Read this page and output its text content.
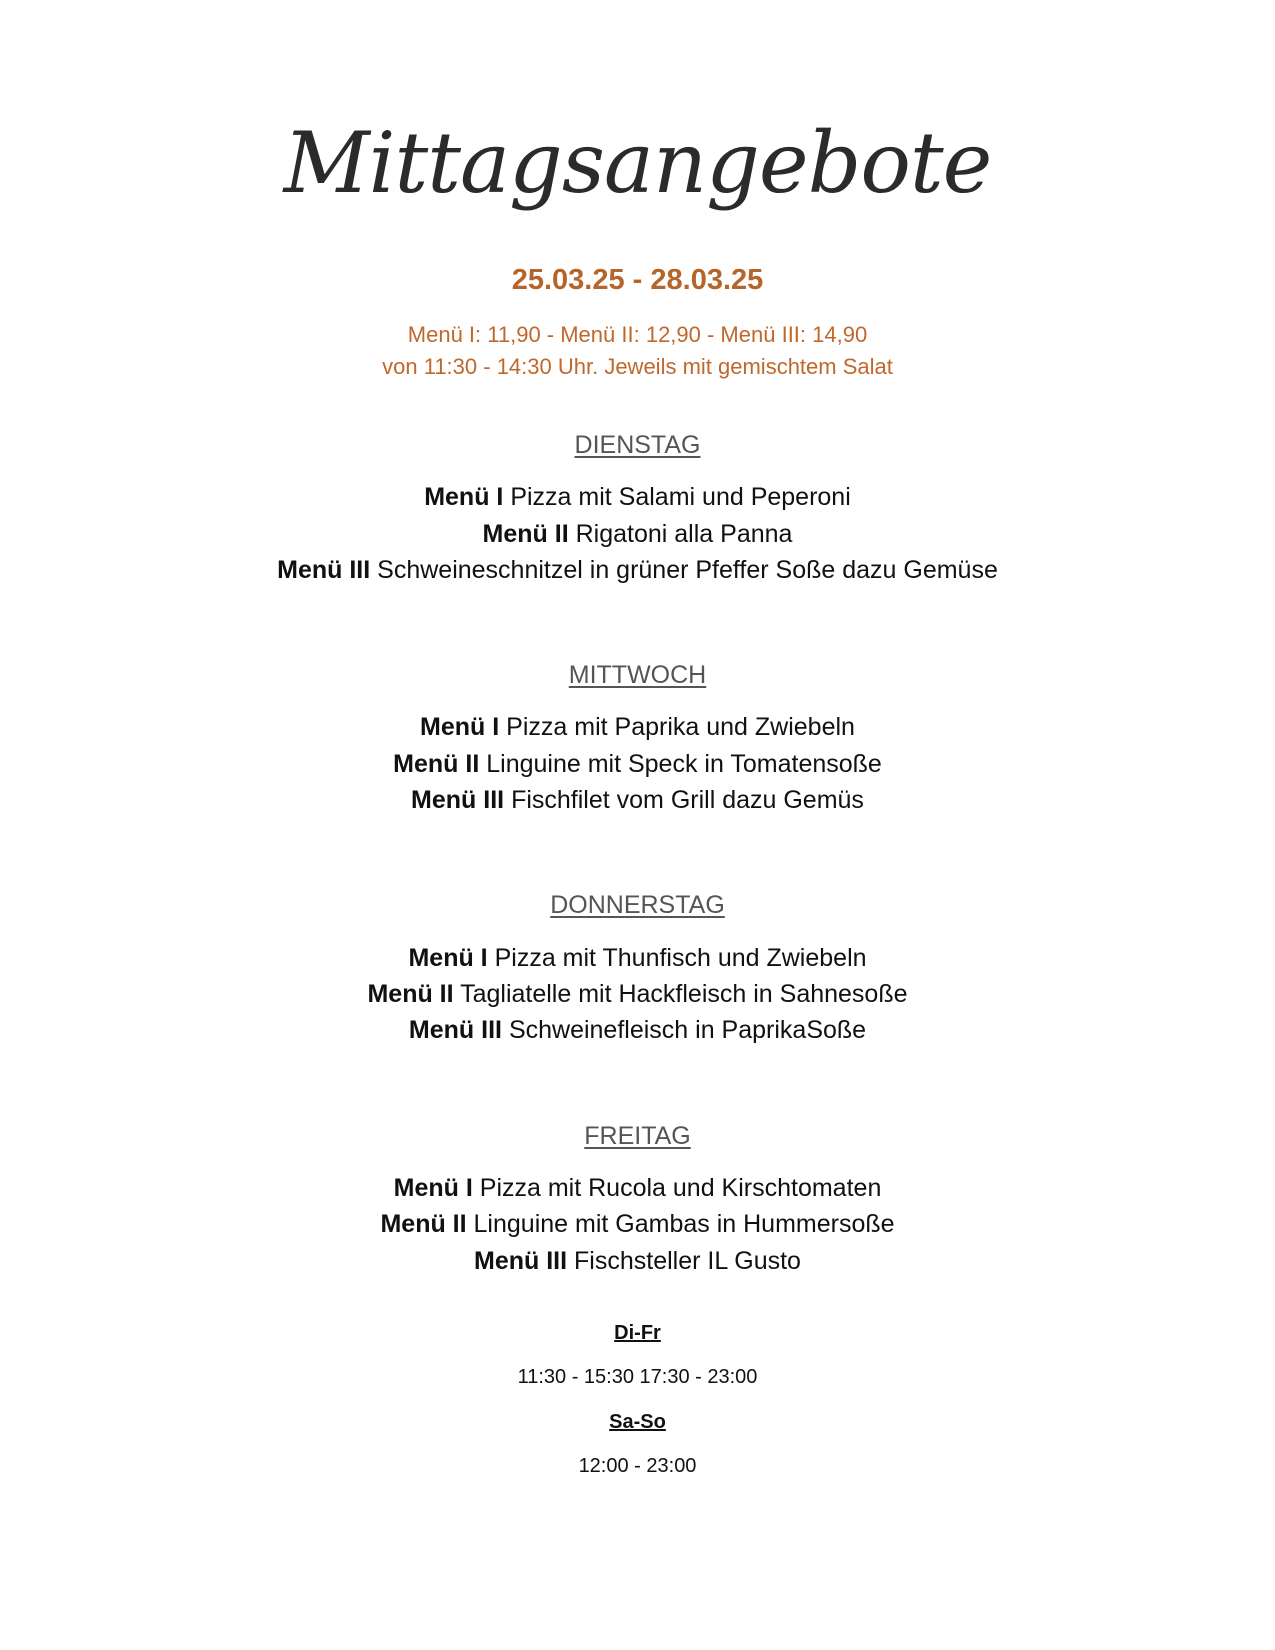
Mittagsangebote
25.03.25 - 28.03.25
Menü I: 11,90 - Menü II: 12,90 - Menü III: 14,90
von 11:30 - 14:30 Uhr. Jeweils mit gemischtem Salat
DIENSTAG
Menü I Pizza mit Salami und Peperoni
Menü II Rigatoni alla Panna
Menü III Schweineschnitzel in grüner Pfeffer Soße dazu Gemüse
MITTWOCH
Menü I Pizza mit Paprika und Zwiebeln
Menü II Linguine mit Speck in Tomatensoße
Menü III Fischfilet vom Grill dazu Gemüs
DONNERSTAG
Menü I Pizza mit Thunfisch und Zwiebeln
Menü II Tagliatelle mit Hackfleisch in Sahnesoße
Menü III Schweinefleisch in PaprikaSoße
FREITAG
Menü I Pizza mit Rucola und Kirschtomaten
Menü II Linguine mit Gambas in Hummersoße
Menü III Fischsteller IL Gusto
Di-Fr
11:30 - 15:30 17:30 - 23:00
Sa-So
12:00 - 23:00
